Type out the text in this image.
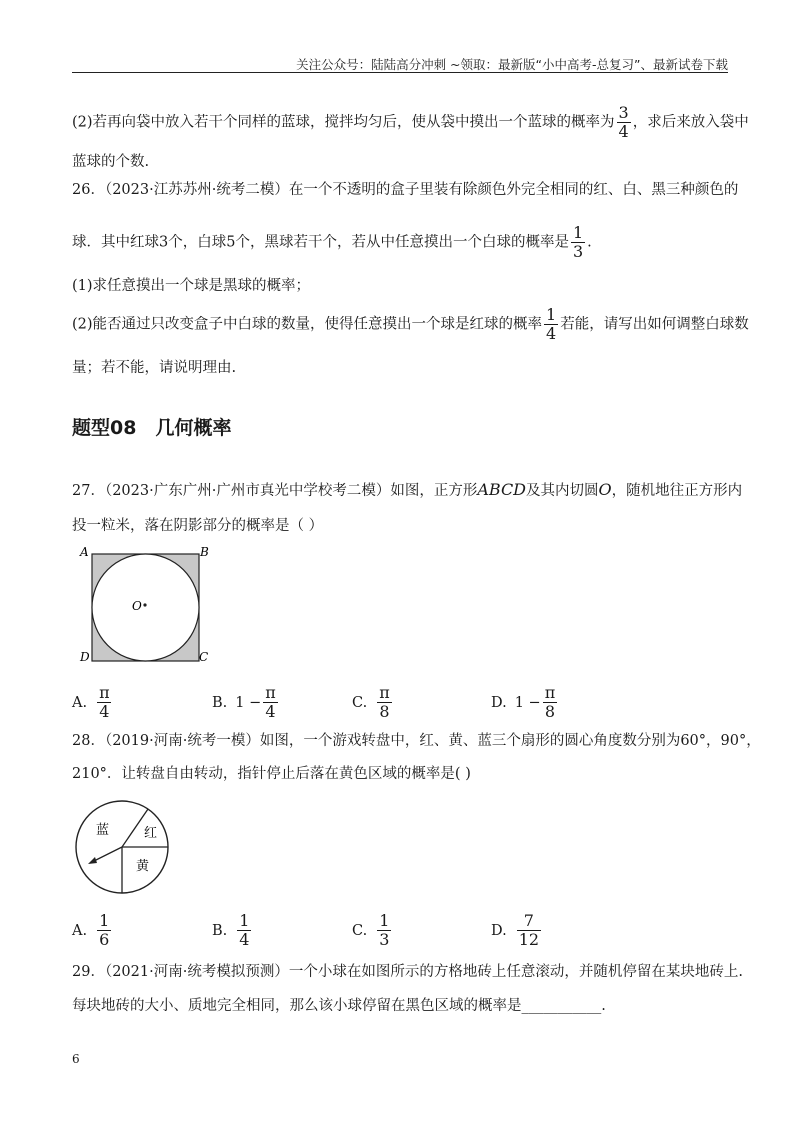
关注公众号：陆陆高分冲刺 ~领取：最新版“小中高考-总复习”、最新试卷下载
(2)若再向袋中放入若干个同样的蓝球，搅拌均匀后，使从袋中摸出一个蓝球的概率为 $\frac{3}{4}$ ，求后来放入袋中
蓝球的个数.
26．（2023·江苏苏州·统考二模）在一个不透明的盒子里装有除颜色外完全相同的红、白、黑三种颜色的
球．其中红球3个，白球5个，黑球若干个，若从中任意摸出一个白球的概率是 $\frac{1}{3}$ .
(1)求任意摸出一个球是黑球的概率；
(2)能否通过只改变盒子中白球的数量，使得任意摸出一个球是红球的概率 $\frac{1}{4}$ 若能，请写出如何调整白球数
量；若不能，请说明理由.
题型08　几何概率
27．（2023·广东广州·广州市真光中学校考二模）如图，正方形ABCD及其内切圆O，随机地往正方形内
投一粒米，落在阴影部分的概率是（ ）
A	B
C
D
O
A. $\frac{\pi}{4}$	B. $1 - \frac{\pi}{4}$	C. $\frac{\pi}{8}$	D. $1 - \frac{\pi}{8}$
28．（2019·河南·统考一模）如图，一个游戏转盘中，红、黄、蓝三个扇形的圆心角度数分别为60°，90°，
210°．让转盘自由转动，指针停止后落在黄色区域的概率是( )
蓝	红
黄
A. $\frac{1}{6}$	B. $\frac{1}{4}$	C. $\frac{1}{3}$	D. $\frac{7}{12}$
29．（2021·河南·统考模拟预测）一个小球在如图所示的方格地砖上任意滚动，并随机停留在某块地砖上.
每块地砖的大小、质地完全相同，那么该小球停留在黑色区域的概率是___________.
6
